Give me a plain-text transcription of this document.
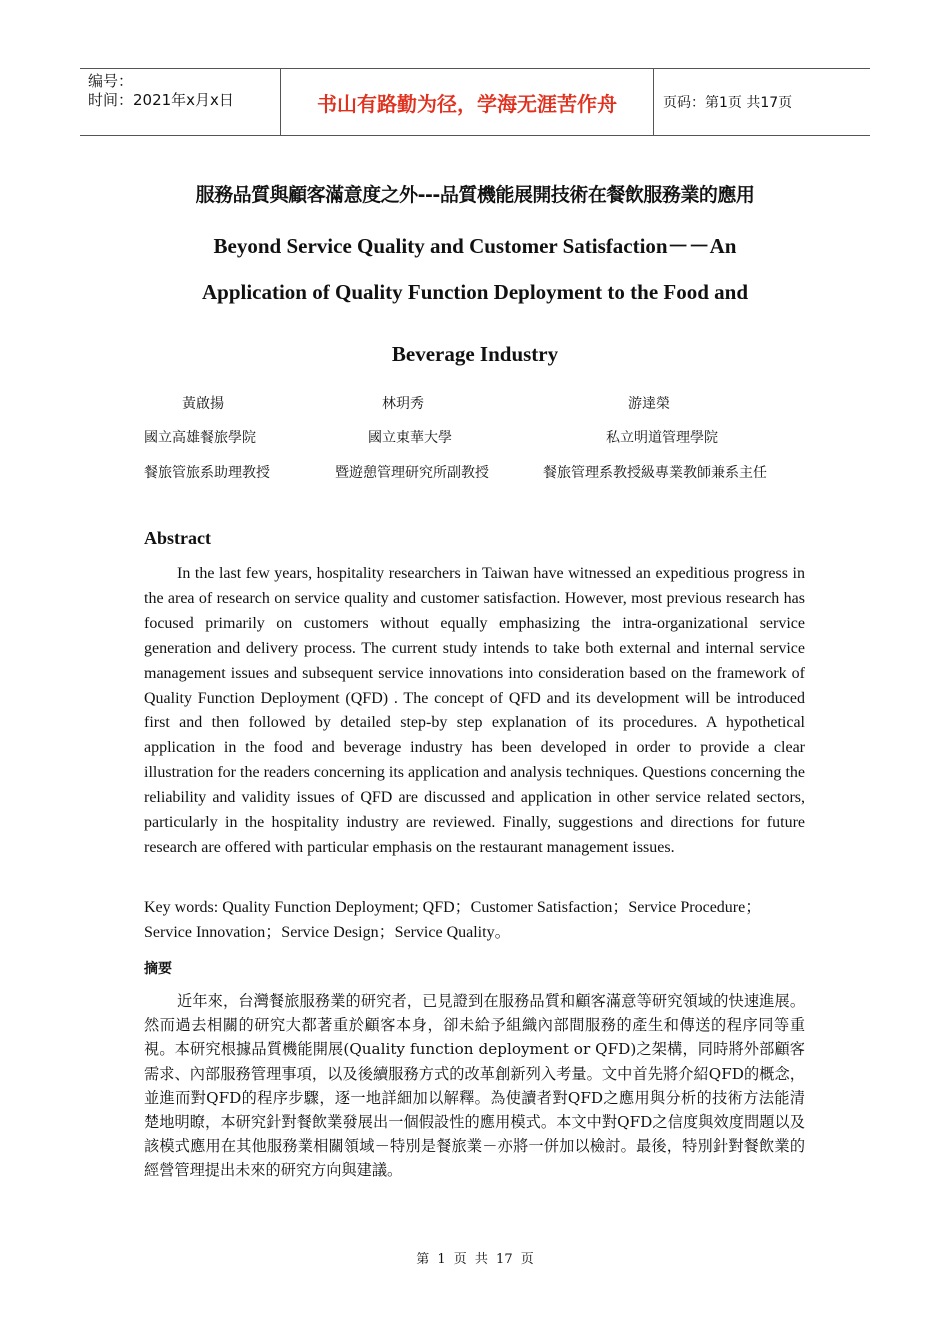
编号：
时间：2021年x月x日	书山有路勤为径，学海无涯苦作舟	页码：第1页 共17页
服務品質與顧客滿意度之外---品質機能展開技術在餐飲服務業的應用
Beyond Service Quality and Customer Satisfaction－－An
Application of Quality Function Deployment to the Food and
Beverage Industry
黃啟揚	林玥秀	游達榮
國立高雄餐旅學院	國立東華大學	私立明道管理學院
餐旅管旅系助理教授	暨遊憩管理研究所副教授	餐旅管理系教授級專業教師兼系主任
Abstract

In the last few years, hospitality researchers in Taiwan have witnessed an expeditious progress in the area of research on service quality and customer satisfaction. However, most previous research has focused primarily on customers without equally emphasizing the intra-organizational service generation and delivery process. The current study intends to take both external and internal service management issues and subsequent service innovations into consideration based on the framework of Quality Function Deployment (QFD) . The concept of QFD and its development will be introduced first and then followed by detailed step-by step explanation of its procedures. A hypothetical application in the food and beverage industry has been developed in order to provide a clear illustration for the readers concerning its application and analysis techniques. Questions concerning the reliability and validity issues of QFD are discussed and application in other service related sectors, particularly in the hospitality industry are reviewed. Finally, suggestions and directions for future research are offered with particular emphasis on the restaurant management issues.

Key words: Quality Function Deployment; QFD；Customer Satisfaction；Service Procedure；Service Innovation；Service Design；Service Quality。

摘要

近年來，台灣餐旅服務業的研究者，已見證到在服務品質和顧客滿意等研究領域的快速進展。然而過去相關的研究大都著重於顧客本身，卻未給予組織內部間服務的產生和傳送的程序同等重視。本研究根據品質機能開展(Quality function deployment or QFD)之架構，同時將外部顧客需求、內部服務管理事項，以及後續服務方式的改革創新列入考量。文中首先將介紹QFD的概念，並進而對QFD的程序步驟，逐一地詳細加以解釋。為使讀者對QFD之應用與分析的技術方法能清楚地明瞭，本研究針對餐飲業發展出一個假設性的應用模式。本文中對QFD之信度與效度問題以及該模式應用在其他服務業相關領域－特別是餐旅業－亦將一併加以檢討。最後，特別針對餐飲業的經營管理提出未來的研究方向與建議。

第 1 页 共 17 页
